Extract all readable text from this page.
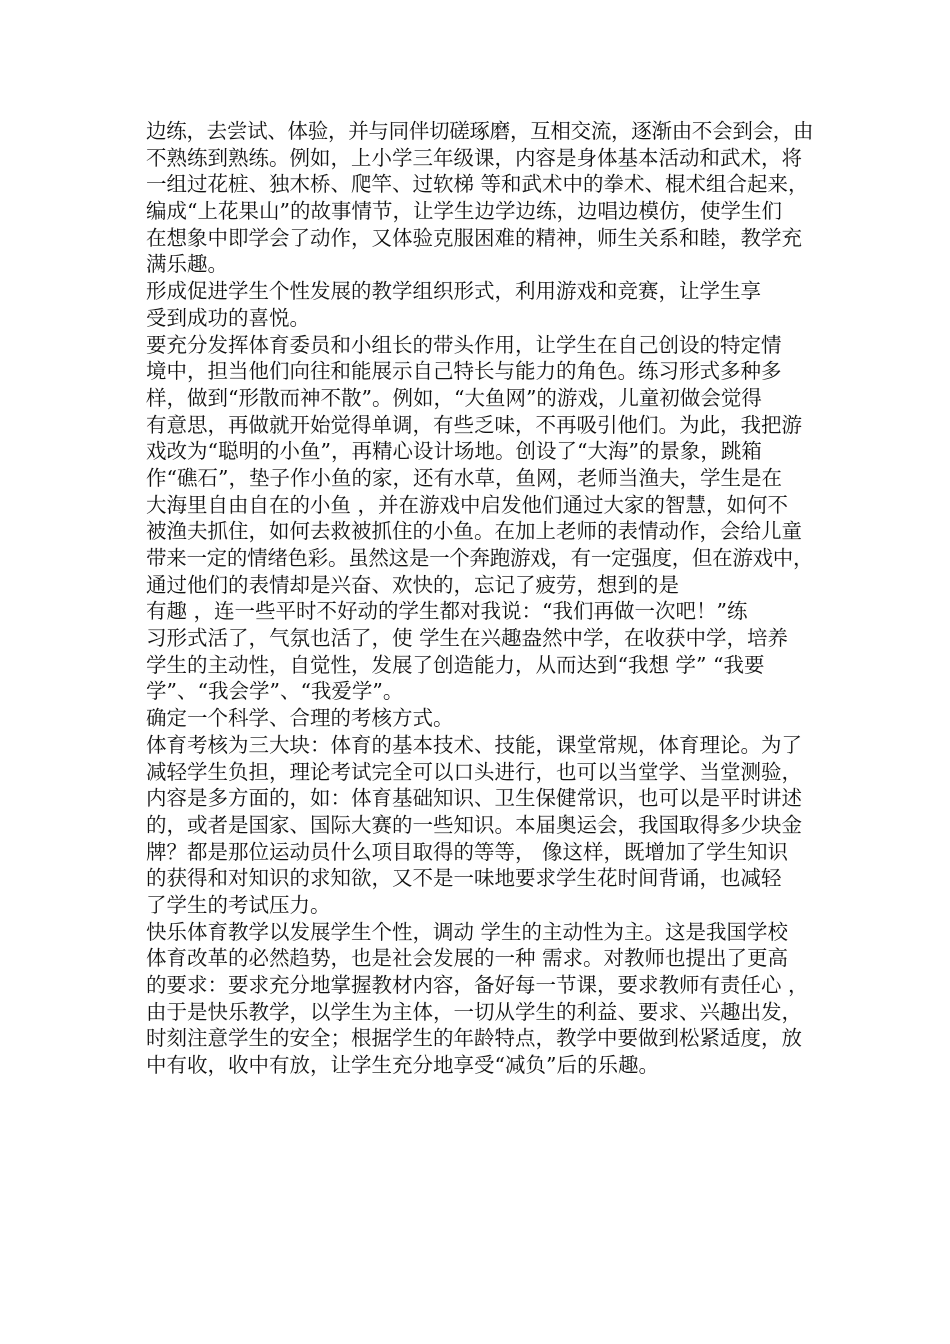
边练，去尝试、体验，并与同伴切磋琢磨，互相交流，逐渐由不会到会，由
不熟练到熟练。例如，上小学三年级课，内容是身体基本活动和武术，将
一组过花桩、独木桥、爬竿、过软梯 等和武术中的拳术、棍术组合起来，
编成“上花果山”的故事情节，让学生边学边练，边唱边模仿，使学生们
在想象中即学会了动作，又体验克服困难的精神，师生关系和睦，教学充
满乐趣。
形成促进学生个性发展的教学组织形式，利用游戏和竞赛，让学生享
受到成功的喜悦。
要充分发挥体育委员和小组长的带头作用，让学生在自己创设的特定情
境中，担当他们向往和能展示自己特长与能力的角色。练习形式多种多
样，做到“形散而神不散”。例如，“大鱼网”的游戏，儿童初做会觉得
有意思，再做就开始觉得单调，有些乏味，不再吸引他们。为此，我把游
戏改为“聪明的小鱼”，再精心设计场地。创设了“大海”的景象，跳箱
作“礁石”，垫子作小鱼的家，还有水草，鱼网，老师当渔夫，学生是在
大海里自由自在的小鱼 ，并在游戏中启发他们通过大家的智慧，如何不
被渔夫抓住，如何去救被抓住的小鱼。在加上老师的表情动作，会给儿童
带来一定的情绪色彩。虽然这是一个奔跑游戏，有一定强度，但在游戏中，
通过他们的表情却是兴奋、欢快的，忘记了疲劳，想到的是
有趣 ，连一些平时不好动的学生都对我说：“我们再做一次吧！”练
习形式活了，气氛也活了，使 学生在兴趣盎然中学，在收获中学，培养
学生的主动性，自觉性，发展了创造能力，从而达到“我想 学” “我要
学”、“我会学”、“我爱学”。
确定一个科学、合理的考核方式。
体育考核为三大块：体育的基本技术、技能，课堂常规，体育理论。为了
减轻学生负担，理论考试完全可以口头进行，也可以当堂学、当堂测验，
内容是多方面的，如：体育基础知识、卫生保健常识，也可以是平时讲述
的，或者是国家、国际大赛的一些知识。本届奥运会，我国取得多少块金
牌？都是那位运动员什么项目取得的等等， 像这样，既增加了学生知识
的获得和对知识的求知欲，又不是一味地要求学生花时间背诵，也减轻
了学生的考试压力。
快乐体育教学以发展学生个性，调动 学生的主动性为主。这是我国学校
体育改革的必然趋势，也是社会发展的一种 需求。对教师也提出了更高
的要求：要求充分地掌握教材内容，备好每一节课，要求教师有责任心 ，
由于是快乐教学，以学生为主体，一切从学生的利益、要求、兴趣出发，
时刻注意学生的安全；根据学生的年龄特点，教学中要做到松紧适度，放
中有收，收中有放，让学生充分地享受“减负”后的乐趣。
